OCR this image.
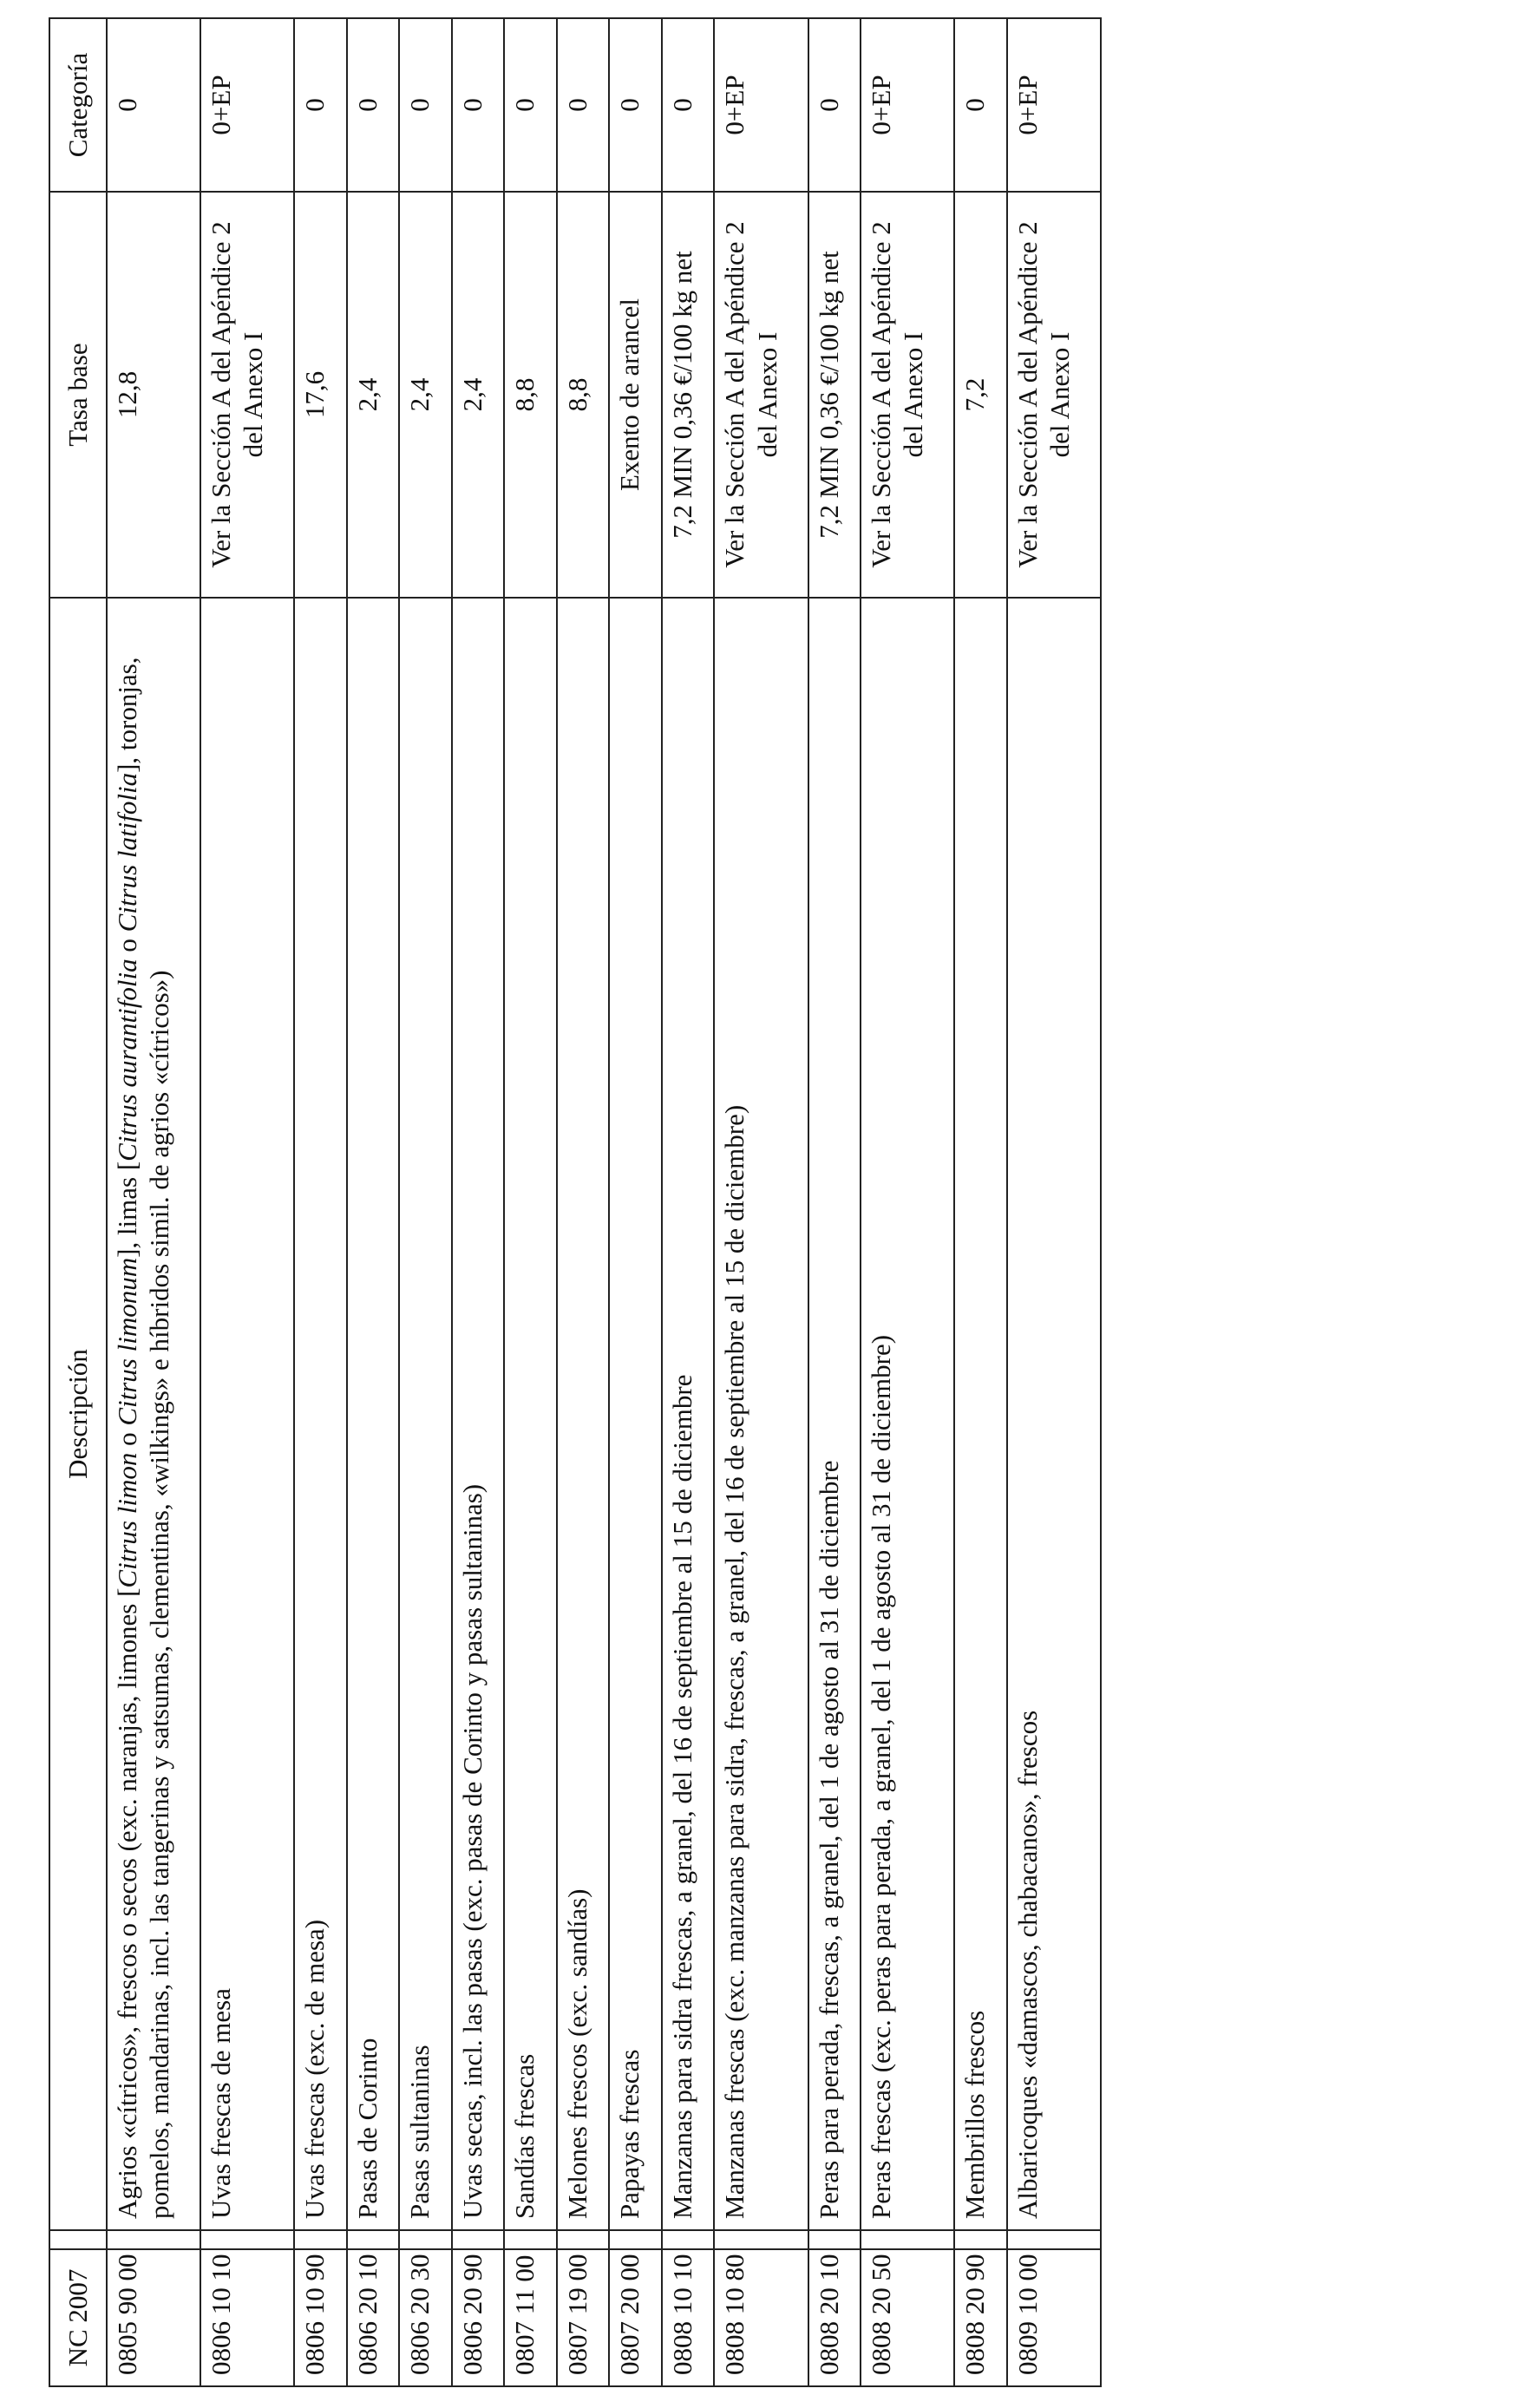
NC 2007		Descripción	Tasa base	Categoría
0805 90 00		Agrios «cítricos», frescos o secos (exc. naranjas, limones [Citrus limon o Citrus limonum], limas [Citrus aurantifolia o Citrus latifolia], toronjas, pomelos, mandarinas, incl. las tangerinas y satsumas, clementinas, «wilkings» e híbridos simil. de agrios «cítricos»)	12,8	0
0806 10 10		Uvas frescas de mesa	Ver la Sección A del Apéndice 2 del Anexo I	0+EP
0806 10 90		Uvas frescas (exc. de mesa)	17,6	0
0806 20 10		Pasas de Corinto	2,4	0
0806 20 30		Pasas sultaninas	2,4	0
0806 20 90		Uvas secas, incl. las pasas (exc. pasas de Corinto y pasas sultaninas)	2,4	0
0807 11 00		Sandías frescas	8,8	0
0807 19 00		Melones frescos (exc. sandías)	8,8	0
0807 20 00		Papayas frescas	Exento de arancel	0
0808 10 10		Manzanas para sidra frescas, a granel, del 16 de septiembre al 15 de diciembre	7,2 MIN 0,36 €/100 kg net	0
0808 10 80		Manzanas frescas (exc. manzanas para sidra, frescas, a granel, del 16 de septiembre al 15 de diciembre)	Ver la Sección A del Apéndice 2 del Anexo I	0+EP
0808 20 10		Peras para perada, frescas, a granel, del 1 de agosto al 31 de diciembre	7,2 MIN 0,36 €/100 kg net	0
0808 20 50		Peras frescas (exc. peras para perada, a granel, del 1 de agosto al 31 de diciembre)	Ver la Sección A del Apéndice 2 del Anexo I	0+EP
0808 20 90		Membrillos frescos	7,2	0
0809 10 00		Albaricoques «damascos, chabacanos», frescos	Ver la Sección A del Apéndice 2 del Anexo I	0+EP
